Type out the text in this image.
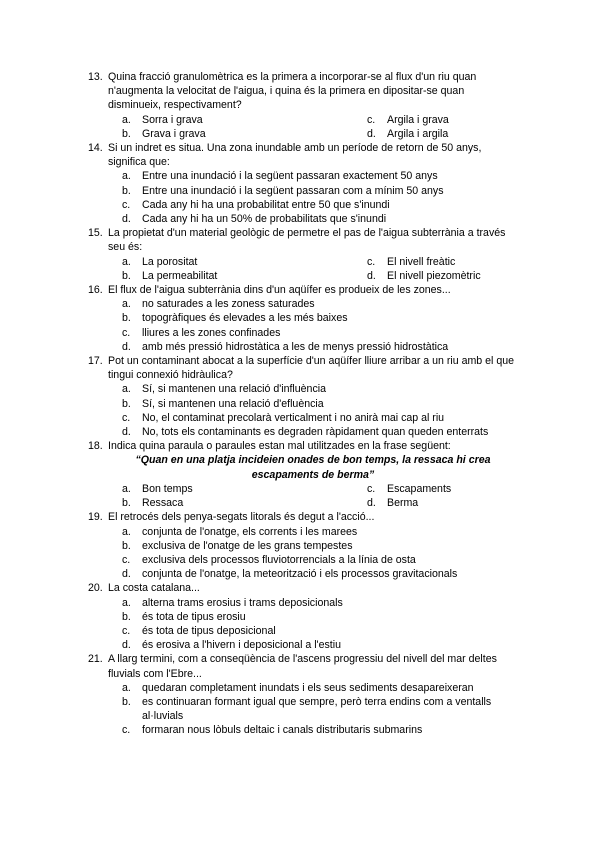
13. Quina fracció granulomètrica es la primera a incorporar-se al flux d'un riu quan n'augmenta la velocitat de l'aigua, i quina és la primera en dipositar-se quan disminueix, respectivament?
a.	Sorra i grava	c.	Argila i grava
b.	Grava i grava	d.	Argila i argila
14. Si un indret es situa. Una zona inundable amb un període de retorn de 50 anys, significa que:
a.	Entre una inundació i la següent passaran exactement 50 anys
b.	Entre una inundació i la següent passaran com a mínim 50 anys
c.	Cada any hi ha una probabilitat entre 50 que s'inundi
d.	Cada any hi ha un 50% de probabilitats que s'inundi
15. La propietat d'un material geològic de permetre el pas de l'aigua subterrània a través seu és:
a.	La porositat	c.	El nivell freàtic
b.	La permeabilitat	d.	El nivell piezomètric
16. El flux de l'aigua subterrània dins d'un aqüífer es produeix de les zones...
a.	no saturades a les zoness saturades
b.	topogràfiques és elevades a les més baixes
c.	lliures a les zones confinades
d.	amb més pressió hidrostàtica a les de menys pressió hidrostàtica
17. Pot un contaminant abocat a la superfície d'un aqüífer lliure arribar a un riu amb el que tingui connexió hidràulica?
a.	Sí, si mantenen una relació d'influència
b.	Sí, si mantenen una relació d'efluència
c.	No, el contaminat precolarà verticalment i no anirà mai cap al riu
d.	No, tots els contaminants es degraden ràpidament quan queden enterrats
18. Indica quina paraula o paraules estan mal utilitzades en la frase següent:
“Quan en una platja incideien onades de bon temps, la ressaca hi crea escapaments de berma”
a.	Bon temps	c.	Escapaments
b.	Ressaca	d.	Berma
19. El retrocés dels penya-segats litorals és degut a l'acció...
a.	conjunta de l'onatge, els corrents i les marees
b.	exclusiva de l'onatge de les grans tempestes
c.	exclusiva dels processos fluviotorrencials a la línia de osta
d.	conjunta de l'onatge, la meteorització i els processos gravitacionals
20. La costa catalana...
a.	alterna trams erosius i trams deposicionals
b.	és tota de tipus erosiu
c.	és tota de tipus deposicional
d.	és erosiva a l'hivern i deposicional a l'estiu
21. A llarg termini, com a conseqüència de l'ascens progressiu del nivell del mar deltes fluvials com l'Ebre...
a.	quedaran completament inundats i els seus sediments desapareixeran
b.	es continuaran formant igual que sempre, però terra endins com a ventalls al·luvials
c.	formaran nous lòbuls deltaic i canals distributaris submarins
